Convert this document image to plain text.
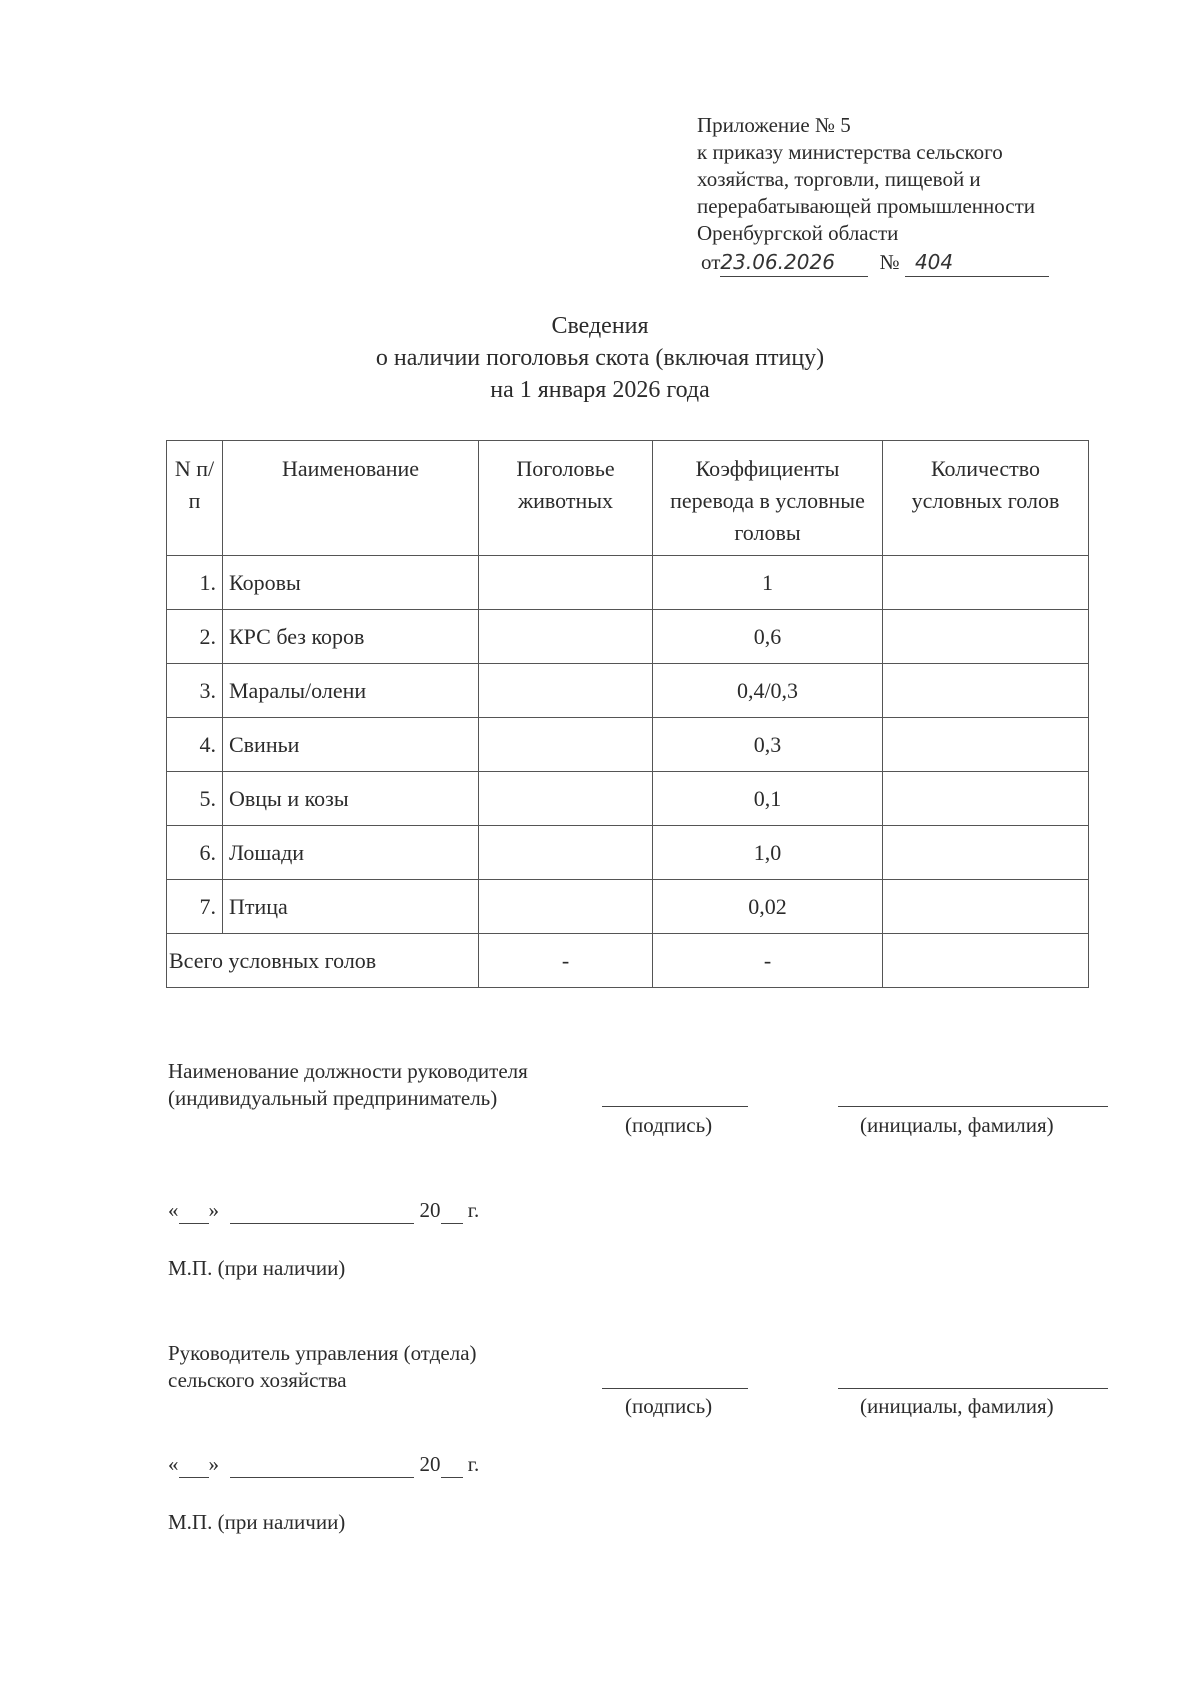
Приложение № 5
к приказу министерства сельского
хозяйства, торговли, пищевой и
перерабатывающей промышленности
Оренбургской области
от23.06.2026 № 404
Сведения
о наличии поголовья скота (включая птицу)
на 1 января 2026 года
N п/п	Наименование	Поголовье животных	Коэффициенты перевода в условные головы	Количество условных голов
1.	Коровы		1	
2.	КРС без коров		0,6	
3.	Маралы/олени		0,4/0,3	
4.	Свиньи		0,3	
5.	Овцы и козы		0,1	
6.	Лошади		1,0	
7.	Птица		0,02	
Всего условных голов		-	-	
Наименование должности руководителя
(индивидуальный предприниматель)
(подпись)	(инициалы, фамилия)
« »	20 г.
М.П. (при наличии)
Руководитель управления (отдела)
сельского хозяйства
(подпись)	(инициалы, фамилия)
« »	20 г.
М.П. (при наличии)
